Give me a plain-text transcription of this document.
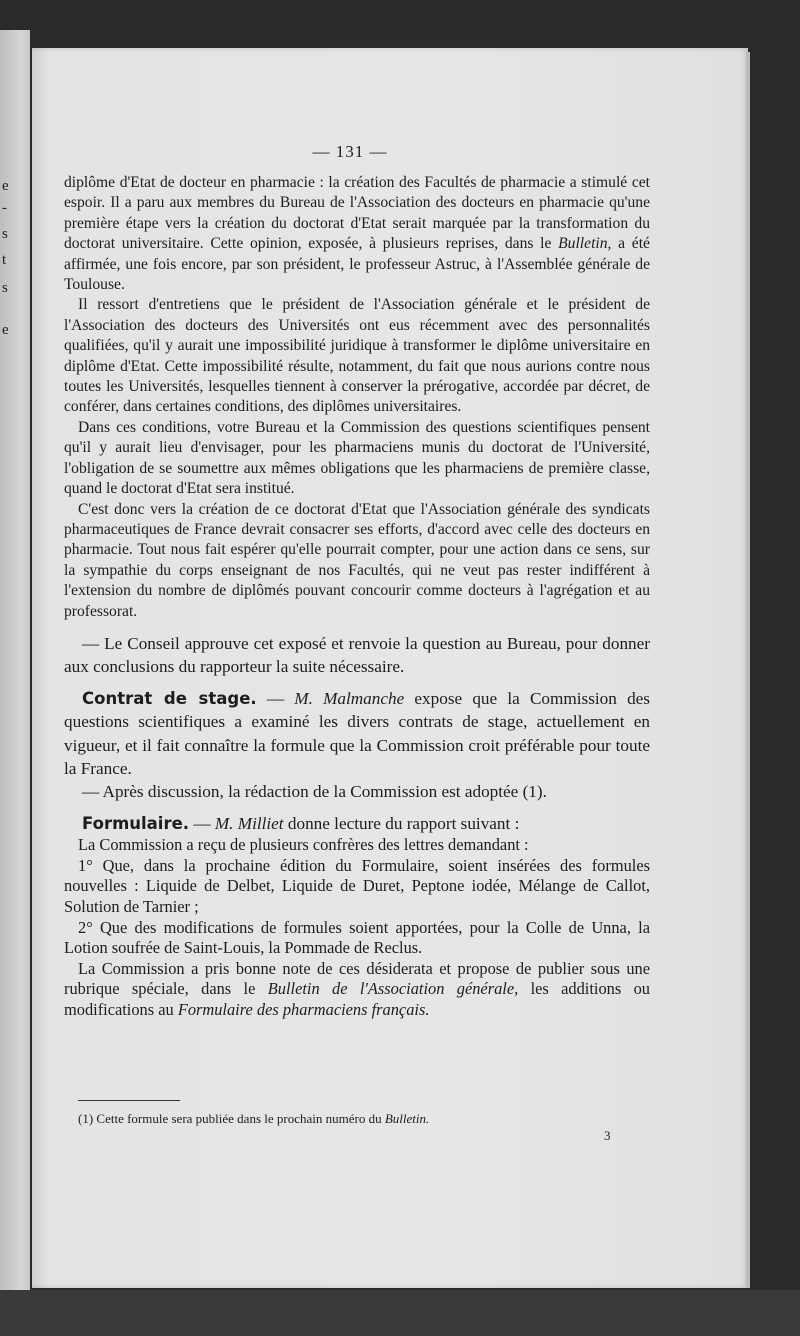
e
-
s
t
s
e
— 131 —

diplôme d'Etat de docteur en pharmacie : la création des Facultés de pharmacie a stimulé cet espoir. Il a paru aux membres du Bureau de l'Association des docteurs en pharmacie qu'une première étape vers la création du doctorat d'Etat serait marquée par la transformation du doctorat universitaire. Cette opinion, exposée, à plusieurs reprises, dans le Bulletin, a été affirmée, une fois encore, par son président, le professeur Astruc, à l'Assemblée générale de Toulouse.

Il ressort d'entretiens que le président de l'Association générale et le président de l'Association des docteurs des Universités ont eus récemment avec des personnalités qualifiées, qu'il y aurait une impossibilité juridique à transformer le diplôme universitaire en diplôme d'Etat. Cette impossibilité résulte, notamment, du fait que nous aurions contre nous toutes les Universités, lesquelles tiennent à conserver la prérogative, accordée par décret, de conférer, dans certaines conditions, des diplômes universitaires.

Dans ces conditions, votre Bureau et la Commission des questions scientifiques pensent qu'il y aurait lieu d'envisager, pour les pharmaciens munis du doctorat de l'Université, l'obligation de se soumettre aux mêmes obligations que les pharmaciens de première classe, quand le doctorat d'Etat sera institué.

C'est donc vers la création de ce doctorat d'Etat que l'Association générale des syndicats pharmaceutiques de France devrait consacrer ses efforts, d'accord avec celle des docteurs en pharmacie. Tout nous fait espérer qu'elle pourrait compter, pour une action dans ce sens, sur la sympathie du corps enseignant de nos Facultés, qui ne veut pas rester indifférent à l'extension du nombre de diplômés pouvant concourir comme docteurs à l'agrégation et au professorat.

— Le Conseil approuve cet exposé et renvoie la question au Bureau, pour donner aux conclusions du rapporteur la suite nécessaire.

Contrat de stage. — M. Malmanche expose que la Commission des questions scientifiques a examiné les divers contrats de stage, actuellement en vigueur, et il fait connaître la formule que la Commission croit préférable pour toute la France.

— Après discussion, la rédaction de la Commission est adoptée (1).

Formulaire. — M. Milliet donne lecture du rapport suivant :

La Commission a reçu de plusieurs confrères des lettres demandant :

1° Que, dans la prochaine édition du Formulaire, soient insérées des formules nouvelles : Liquide de Delbet, Liquide de Duret, Peptone iodée, Mélange de Callot, Solution de Tarnier ;

2° Que des modifications de formules soient apportées, pour la Colle de Unna, la Lotion soufrée de Saint-Louis, la Pommade de Reclus.

La Commission a pris bonne note de ces désiderata et propose de publier sous une rubrique spéciale, dans le Bulletin de l'Association générale, les additions ou modifications au Formulaire des pharmaciens français.

(1) Cette formule sera publiée dans le prochain numéro du Bulletin.
3
